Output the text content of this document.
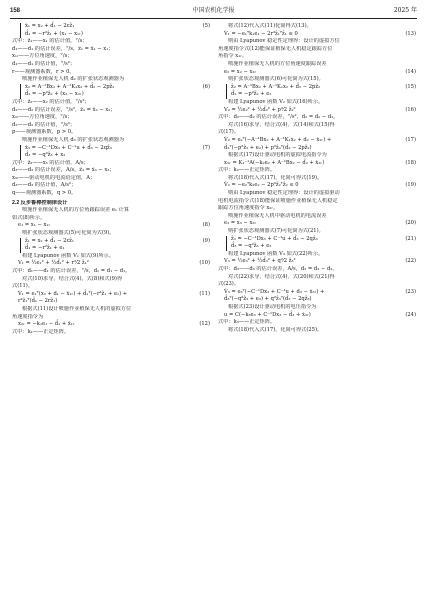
158	中国农机化学报	2025 年
ẋ₁ = x₂ + d̂₁ − 2εẑ₁
d̂₁ = −r²ẑ₁ + (x₁ − x₁ᵣ)
(5)
式中：ẑ₁——x₁ 的估计值，°/s；
d̂₁——d₁ 的估计误差，°/s，ẑ₁ = ẋ₁ − x₁；
x₁ᵣ——方位角速度，°/s；
d̂₁——d₁ 的估计值，°/s²；
r——观测器系数，r > 0。
喷施作业植保无人机 d₂ 的扩张状态观测器为
ẋ₂ = A⁻¹Bx₂ + A⁻¹K₁x₂ + d̂₂ − 2pẑ₂
d̂₂ = −p²ẑ₂ + (x₂ − x₂ᵣ)
(6)
式中：ẑ₂——x₂ 的估计值，°/s²；
d̂₂——d₂ 的估计误差，°/s²，ẑ₂ = ẋ₂ − x₂；
x₂ᵣ——方位角速度，°/s；
d̂₂——d₂ 的估计值，°/s³；
p——观测器系数，p > 0。
喷施作业植保无人机 d₃ 的扩张状态观测器为
ẋ₃ = −C⁻¹Dx₃ + C⁻¹u + d̂₃ − 2qẑ₃
d̂₃ = −q²ẑ₃ + x₃
(7)
式中：ẑ₃——x₃ 的估计值，A/s；
d̂₃——d₃ 的估计误差，A/s，ẑ₃ = ẋ₃ − x₃；
x₃ᵣ——驱动电机的电流给定值，A；
d̂₃——d₃ 的估计值，A/s²；
q——观测器系数，q > 0。
2.2 反步鲁棒控制律设计
喷施作业植保无人机的方位角跟踪误差 e₁ 计算
如式(8)所示。
e₁ = x₁ − x₁ᵣ	(8)
喷扩张状态观测器式(5)可化简为式(9)。
ẑ₁ = x₂ + d̂₁ − 2εẑ₁
d̂₁ = −r²ẑ₁ + e₁
(9)
构建 Lyapunov 函数 V₁ 如式(9)所示。
V₁ = ½e₁² + ½d̂₁² + r²⁄2 ẑ₁²	(10)
式中：d̂₁——d₁ 的估计误差，°/s，d̂₁ = d₁ − d̂₁。
对式(10)求导，结合式(4)、式(8)和式(9)得
式(11)。
V̇₁ = e₁ᵀ(x₂ + d₁ − ẋ₁ᵣ) + d̂₁ᵀ(−r²ẑ₁ + e₁) +
r²ẑ₁ᵀ(d̂₁ − 2rẑ₁)
(11)
根据式(11)设计喷施作业植保无人机的虚拟方位
角速度指令为
x₂ᵣ = −k₁e₁ − d̂₁ + ẋ₁ᵣ	(12)
式中：k₁——正定矩阵。
将式(12)代入式(11)化简得式(13)。
V̇₁ = −e₁ᵀk₁e₁ − 2r³ẑ₁ᵀẑ₁ ≤ 0	(13)
则由 Lyapunov 稳定性定理得：设计的虚拟方位
角速度指令式(12)能保证植保无人机稳定跟踪方位
角指令 x₁ᵣ。
喷施作业植保无人机的方位角速度跟踪误差
e₂ = x₂ − x₂ᵣ	(14)
则扩张状态观测器式(6)可化简为式(15)。
ẑ₂ = A⁻¹Bx₂ + A⁻¹K₁x₂ + d̂₂ − 2pẑ₂
d̂₂ = −p²ẑ₂ + e₂
(15)
构建 Lyapunov 函数 V₂ 如式(16)所示。
V₂ = ½e₂² + ½d̂₂² + p²⁄2 ẑ₂²	(16)
式中：d̂₂——d₂ 的估计误差，°/s²，d̂₂ = d₂ − d̂₂。
对式(16)求导，结合式(4)、式(14)和式(15)得
式(17)。
V̇₂ = e₂ᵀ(−A⁻¹Bx₂ + A⁻¹K₁x₂ + d₂ − ẋ₂ᵣ) +
d̂₂ᵀ(−p²ẑ₂ + e₂) + p²ẑ₂ᵀ(d̂₂ − 2pẑ₂)
(17)
根据式(17)设计驱动电机的虚拟电流指令为
x₃ᵣ = K₁⁻¹A(−k₂e₂ + A⁻¹Bx₂ − d̂₂ + ẋ₂ᵣ)	(18)
式中：k₂——正定矩阵。
将式(18)代入式(17)，化简可得式(19)。
V̇₂ = −e₂ᵀk₂e₂ − 2p³ẑ₂ᵀẑ₂ ≤ 0	(19)
则由 Lyapunov 稳定性定理得：设计的虚拟驱动
电机电流指令式(18)能保证喷施作业植保无人机稳定
跟踪方位角速度指令 x₂ᵣ。
喷施作业植保无人机中驱动电机的电流误差
e₃ = x₃ − x₃ᵣ	(20)
则扩张状态观测器式(7)可化简为式(21)。
ẑ₃ = −C⁻¹Dx₃ + C⁻¹u + d̂₃ − 2qẑ₃
d̂₃ = −q²ẑ₃ + e₃
(21)
构建 Lyapunov 函数 V₃ 如式(22)所示。
V₃ = ½e₃² + ½d̂₃² + q²⁄2 ẑ₃²	(22)
式中：d̂₃——d₃ 的估计误差，A/s，d̂₃ = d₃ − d̂₃。
对式(22)求导，结合式(4)、式(20)和式(21)得
式(23)。
V̇₃ = e₃ᵀ(−C⁻¹Dx₃ + C⁻¹u + d₃ − ẋ₃ᵣ) +
d̂₃ᵀ(−q²ẑ₃ + e₃) + q²ẑ₃ᵀ(d̂₃ − 2qẑ₃)
(23)
根据式(23)设计驱动电机的电压指令为
u = C(−k₃e₃ + C⁻¹Dx₃ − d̂₃ + ẋ₃ᵣ)	(24)
式中：k₃——正定矩阵。
将式(18)代入式(17)，化简可得式(25)。
